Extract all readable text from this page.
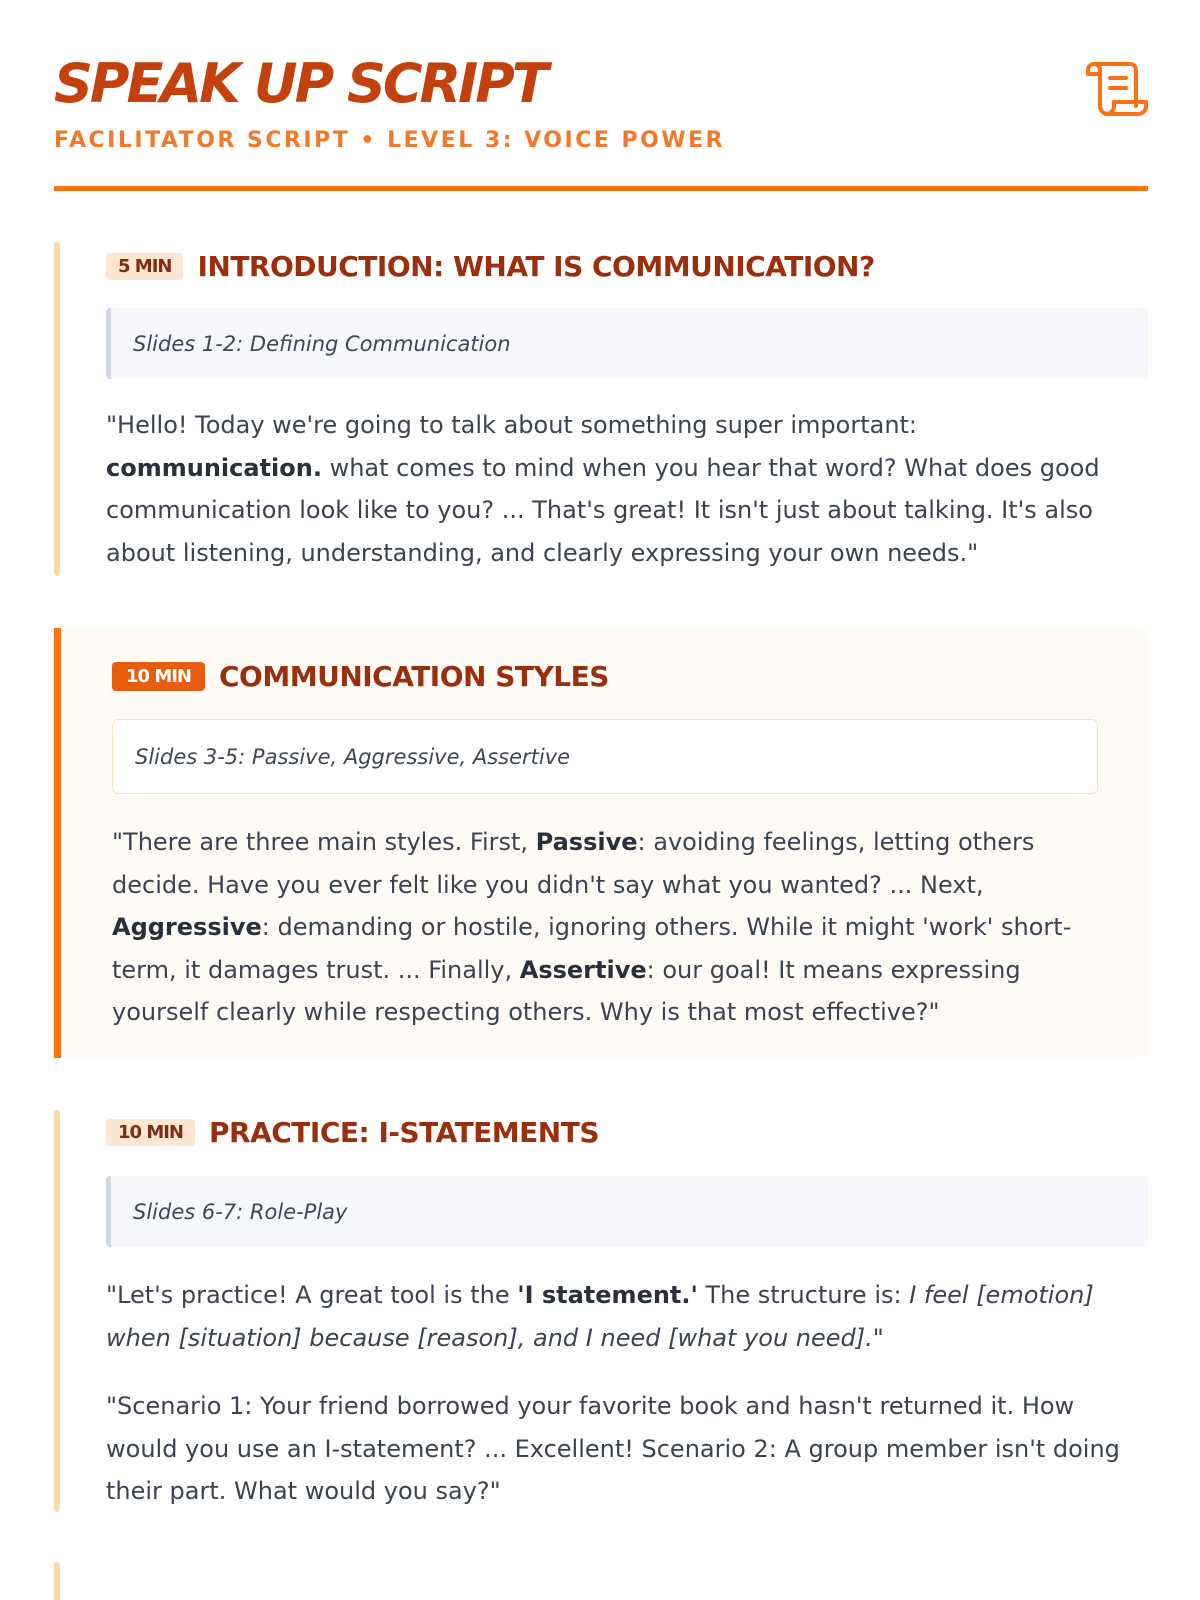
SPEAK UP SCRIPT
FACILITATOR SCRIPT • LEVEL 3: VOICE POWER
5 MIN INTRODUCTION: WHAT IS COMMUNICATION?
Slides 1-2: Defining Communication
"Hello! Today we're going to talk about something super important: communication. what comes to mind when you hear that word? What does good communication look like to you? ... That's great! It isn't just about talking. It's also about listening, understanding, and clearly expressing your own needs."
10 MIN	COMMUNICATION STYLES
Slides 3-5: Passive, Aggressive, Assertive
"There are three main styles. First, Passive: avoiding feelings, letting others decide. Have you ever felt like you didn't say what you wanted? ... Next, Aggressive: demanding or hostile, ignoring others. While it might 'work' short-term, it damages trust. ... Finally, Assertive: our goal! It means expressing yourself clearly while respecting others. Why is that most effective?"
10 MIN PRACTICE: I-STATEMENTS
Slides 6-7: Role-Play
"Let's practice! A great tool is the 'I statement.' The structure is: I feel [emotion] when [situation] because [reason], and I need [what you need]."
"Scenario 1: Your friend borrowed your favorite book and hasn't returned it. How would you use an I-statement? ... Excellent! Scenario 2: A group member isn't doing their part. What would you say?"
